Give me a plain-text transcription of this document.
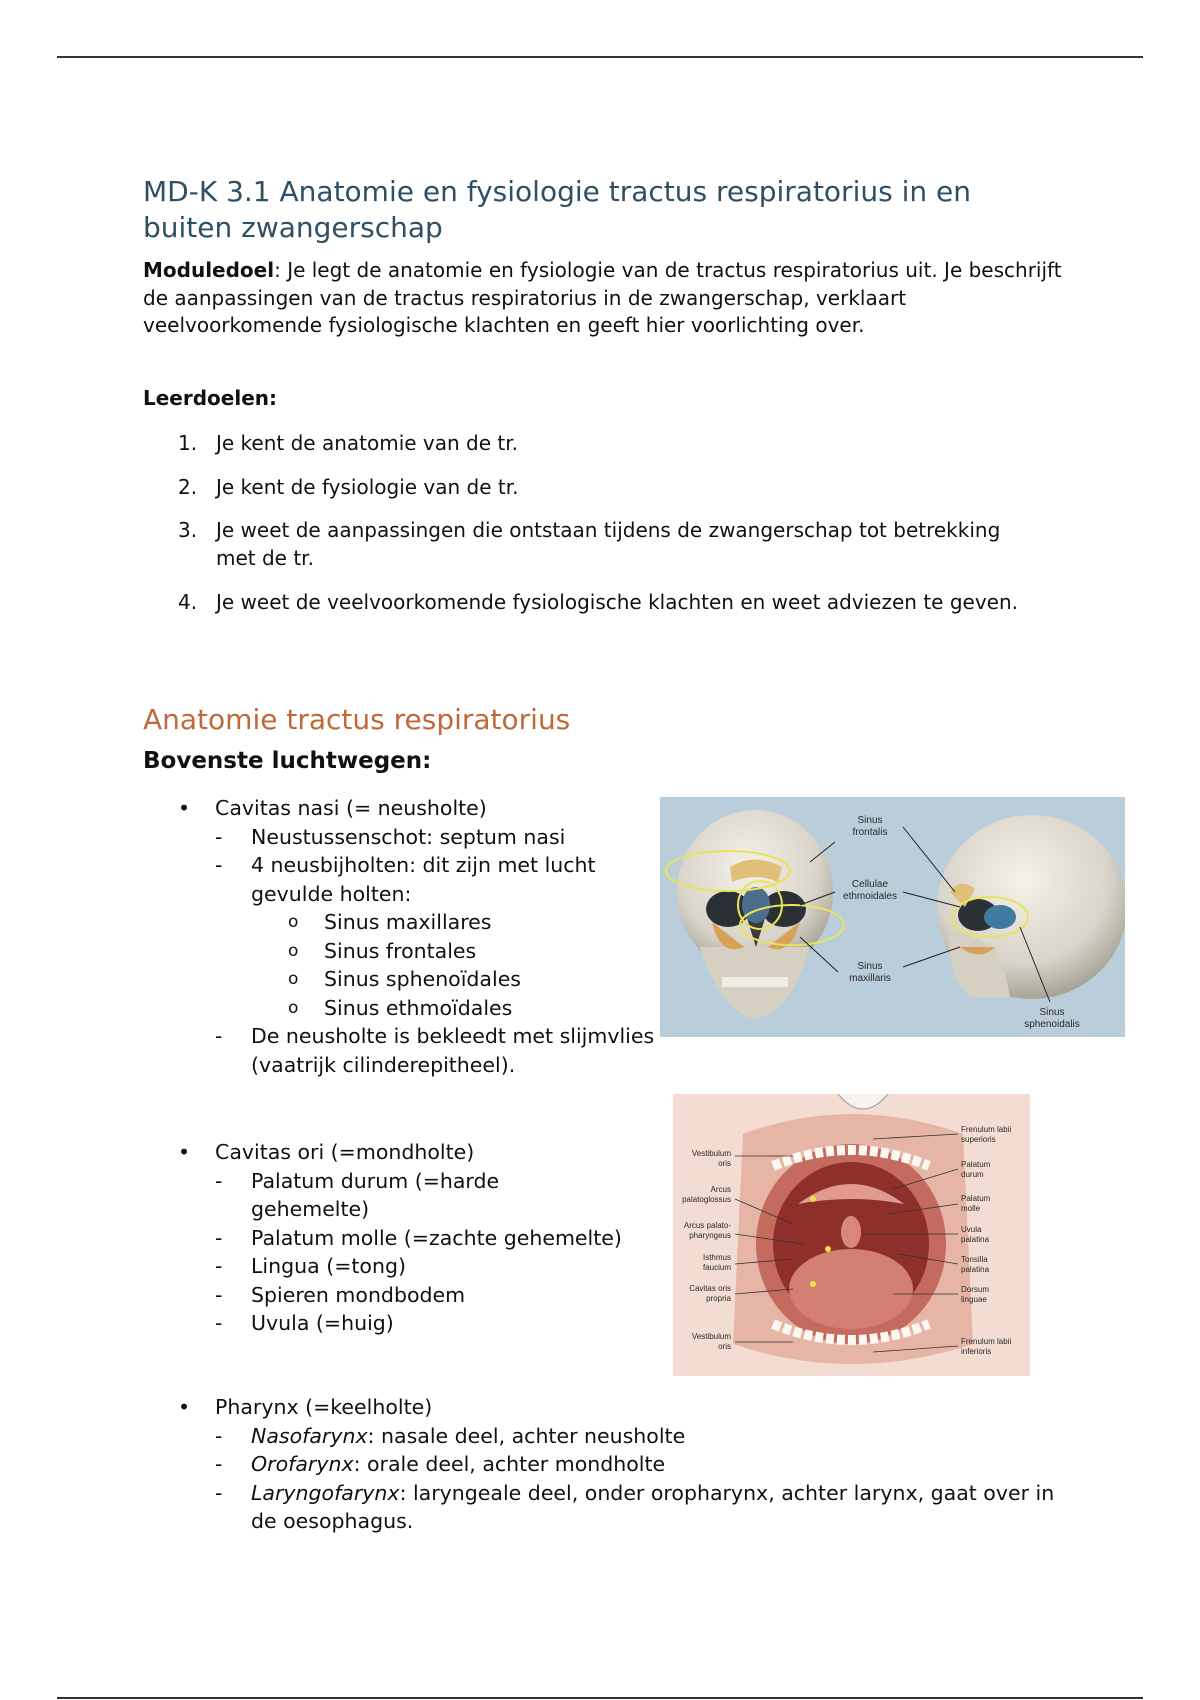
MD-K 3.1 Anatomie en fysiologie tractus respiratorius in en buiten zwangerschap

Moduledoel: Je legt de anatomie en fysiologie van de tractus respiratorius uit. Je beschrijft de aanpassingen van de tractus respiratorius in de zwangerschap, verklaart veelvoorkomende fysiologische klachten en geeft hier voorlichting over.

Leerdoelen:
1. Je kent de anatomie van de tr.
2. Je kent de fysiologie van de tr.
3. Je weet de aanpassingen die ontstaan tijdens de zwangerschap tot betrekking met de tr.
4. Je weet de veelvoorkomende fysiologische klachten en weet adviezen te geven.
Anatomie tractus respiratorius
Bovenste luchtwegen:
• Cavitas nasi (= neusholte)
- Neustussenschot: septum nasi
- 4 neusbijholten: dit zijn met lucht gevulde holten:
o Sinus maxillares
o Sinus frontales
o Sinus sphenoïdales
o Sinus ethmoïdales
- De neusholte is bekleedt met slijmvlies (vaatrijk cilinderepitheel).
• Cavitas ori (=mondholte)
- Palatum durum (=harde gehemelte)
- Palatum molle (=zachte gehemelte)
- Lingua (=tong)
- Spieren mondbodem
- Uvula (=huig)
• Pharynx (=keelholte)
- Nasofarynx: nasale deel, achter neusholte
- Orofarynx: orale deel, achter mondholte
- Laryngofarynx: laryngeale deel, onder oropharynx, achter larynx, gaat over in de oesophagus.
Sinus frontalis
Cellulae ethmoidales
Sinus maxillaris
Sinus sphenoidalis
Vestibulum oris
Arcus palatoglossus
Arcus palato-pharyngeus
Isthmus faucium
Cavitas oris propria
Vestibulum oris
Frenulum labii superioris
Palatum durum
Palatum molle
Uvula palatina
Tonsilla palatina
Dorsum linguae
Frenulum labii inferioris
